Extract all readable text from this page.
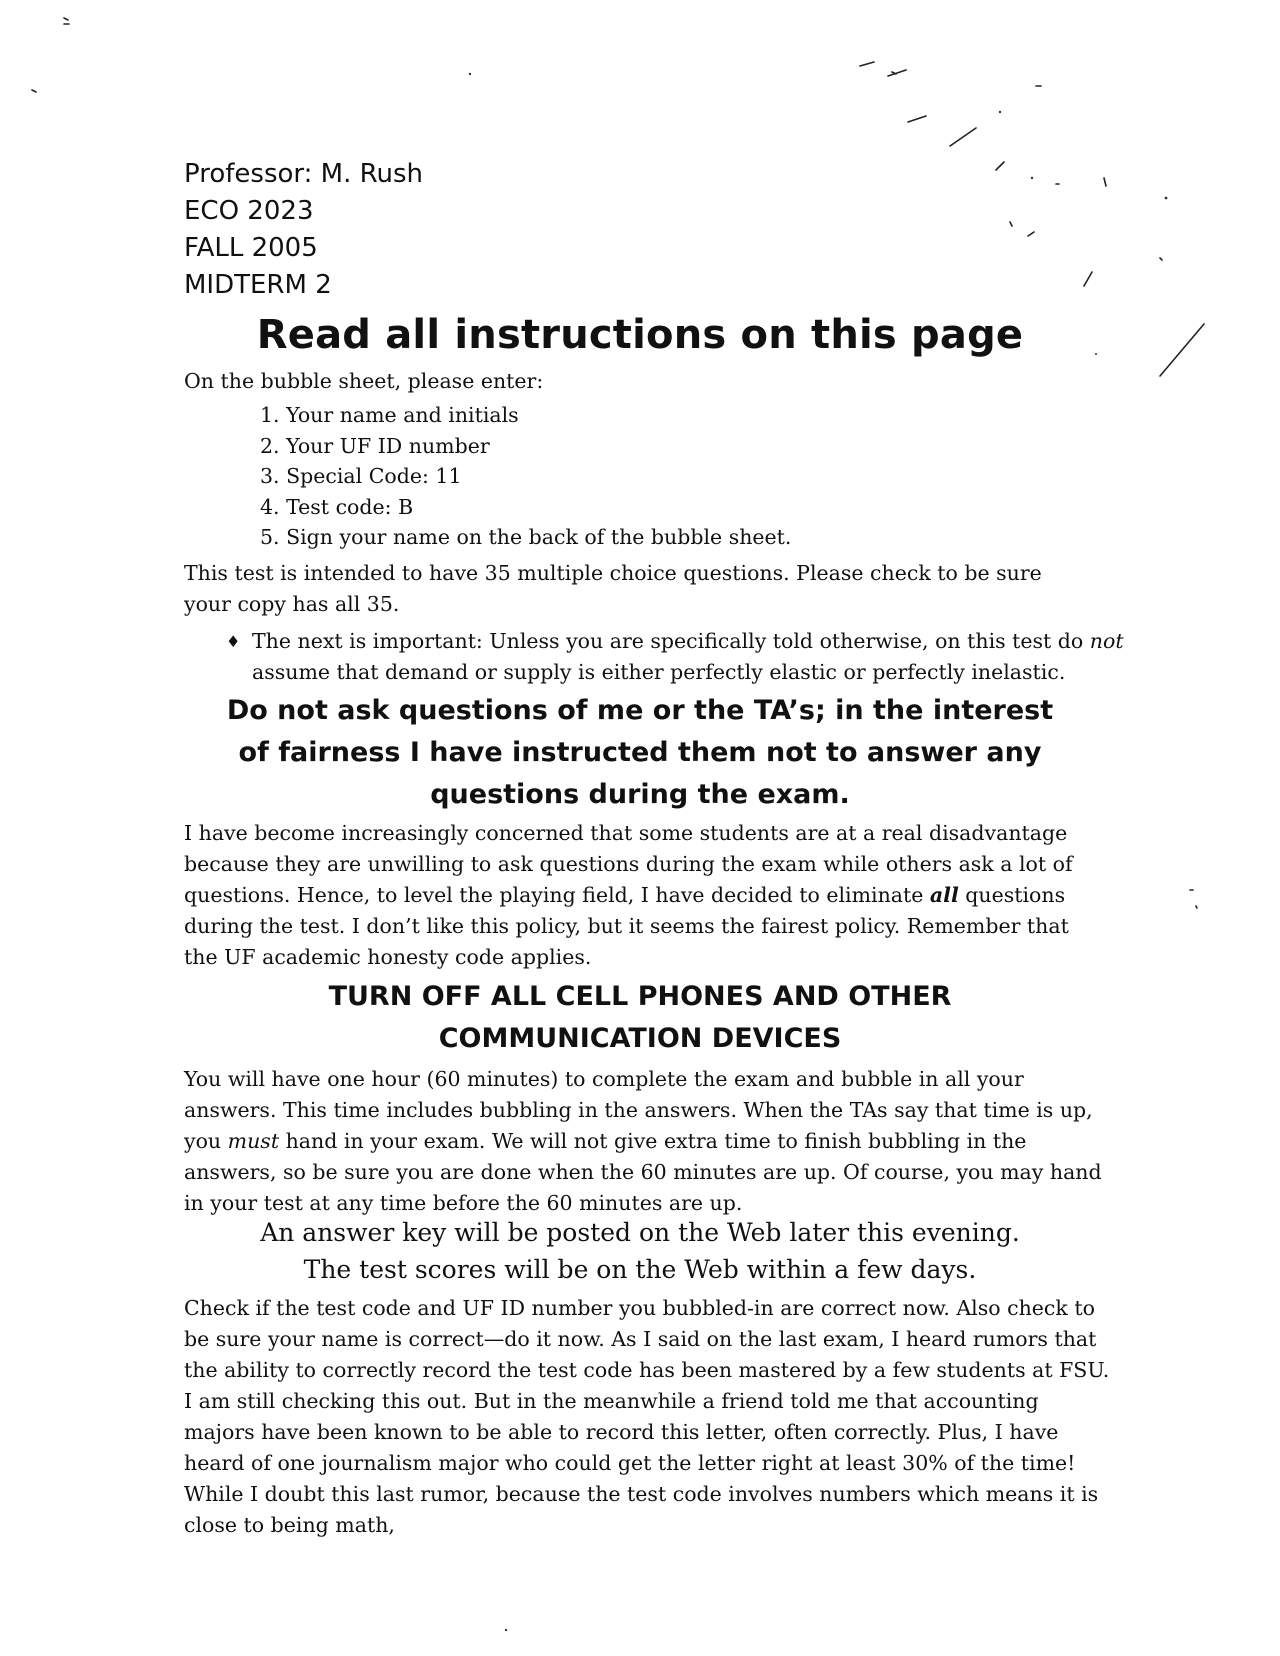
Professor: M. Rush
ECO 2023
FALL 2005
MIDTERM 2
Read all instructions on this page
On the bubble sheet, please enter:
1. Your name and initials
2. Your UF ID number
3. Special Code: 11
4. Test code: B
5. Sign your name on the back of the bubble sheet.
This test is intended to have 35 multiple choice questions. Please check to be sure your copy has all 35.
♦ The next is important: Unless you are specifically told otherwise, on this test do not assume that demand or supply is either perfectly elastic or perfectly inelastic.
Do not ask questions of me or the TA’s; in the interest of fairness I have instructed them not to answer any questions during the exam.
I have become increasingly concerned that some students are at a real disadvantage because they are unwilling to ask questions during the exam while others ask a lot of questions. Hence, to level the playing field, I have decided to eliminate all questions during the test. I don’t like this policy, but it seems the fairest policy. Remember that the UF academic honesty code applies.
TURN OFF ALL CELL PHONES AND OTHER COMMUNICATION DEVICES
You will have one hour (60 minutes) to complete the exam and bubble in all your answers. This time includes bubbling in the answers. When the TAs say that time is up, you must hand in your exam. We will not give extra time to finish bubbling in the answers, so be sure you are done when the 60 minutes are up. Of course, you may hand in your test at any time before the 60 minutes are up.
An answer key will be posted on the Web later this evening.
The test scores will be on the Web within a few days.
Check if the test code and UF ID number you bubbled-in are correct now. Also check to be sure your name is correct—do it now. As I said on the last exam, I heard rumors that the ability to correctly record the test code has been mastered by a few students at FSU. I am still checking this out. But in the meanwhile a friend told me that accounting majors have been known to be able to record this letter, often correctly. Plus, I have heard of one journalism major who could get the letter right at least 30% of the time! While I doubt this last rumor, because the test code involves numbers which means it is close to being math,
